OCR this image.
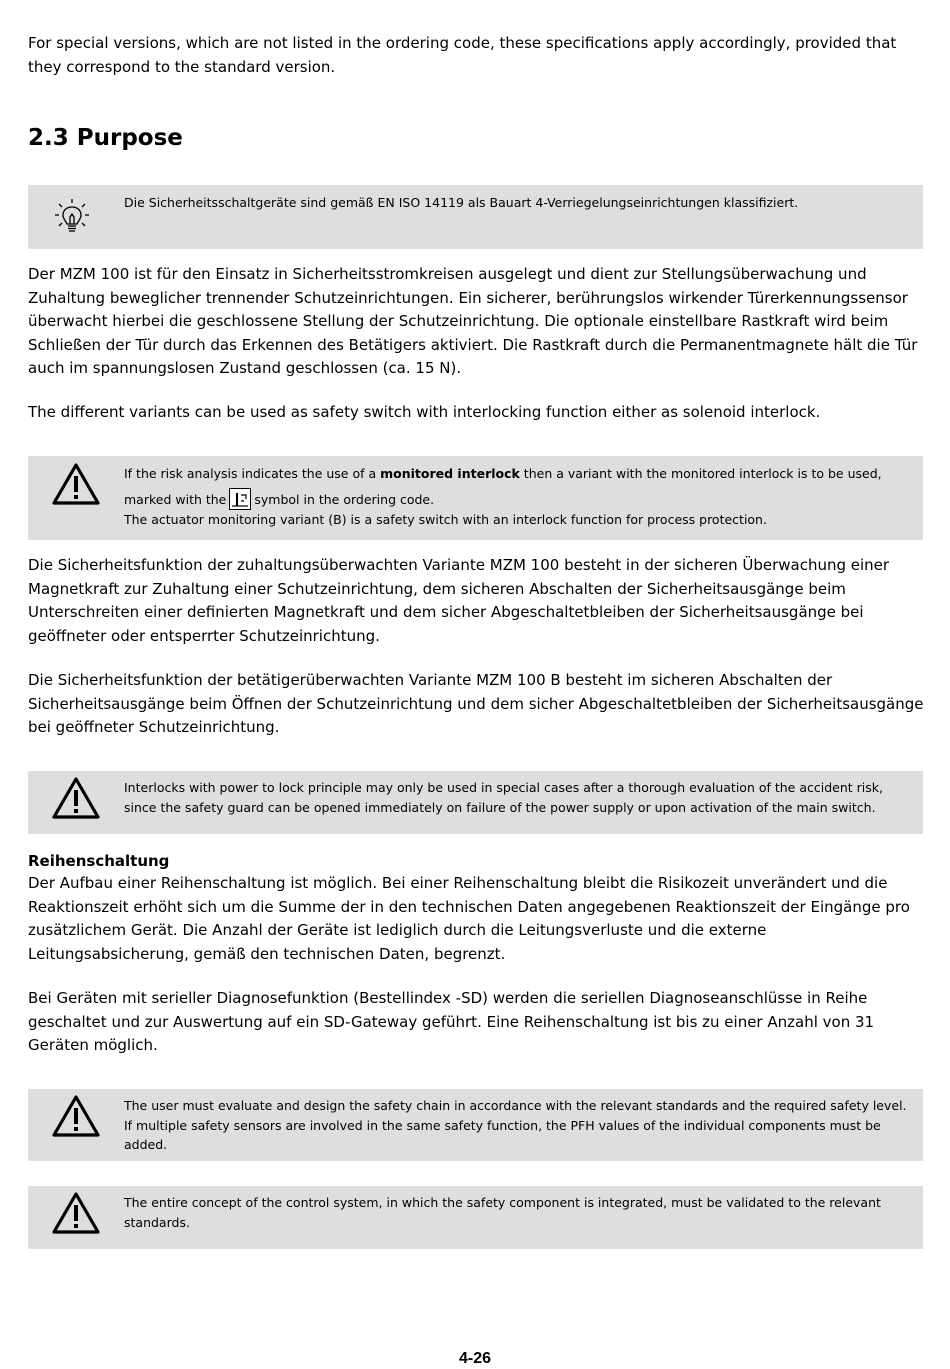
For special versions, which are not listed in the ordering code, these specifications apply accordingly, provided that they correspond to the standard version.

2.3 Purpose
Die Sicherheitsschaltgeräte sind gemäß EN ISO 14119 als Bauart 4-Verriegelungseinrichtungen klassifiziert.

Der MZM 100 ist für den Einsatz in Sicherheitsstromkreisen ausgelegt und dient zur Stellungsüberwachung und Zuhaltung beweglicher trennender Schutzeinrichtungen. Ein sicherer, berührungslos wirkender Türerkennungssensor überwacht hierbei die geschlossene Stellung der Schutzeinrichtung. Die optionale einstellbare Rastkraft wird beim Schließen der Tür durch das Erkennen des Betätigers aktiviert. Die Rastkraft durch die Permanentmagnete hält die Tür auch im spannungslosen Zustand geschlossen (ca. 15 N).

The different variants can be used as safety switch with interlocking function either as solenoid interlock.

If the risk analysis indicates the use of a monitored interlock then a variant with the monitored interlock is to be used,
marked with the symbol in the ordering code.
The actuator monitoring variant (B) is a safety switch with an interlock function for process protection.

Die Sicherheitsfunktion der zuhaltungsüberwachten Variante MZM 100 besteht in der sicheren Überwachung einer Magnetkraft zur Zuhaltung einer Schutzeinrichtung, dem sicheren Abschalten der Sicherheitsausgänge beim Unterschreiten einer definierten Magnetkraft und dem sicher Abgeschaltetbleiben der Sicherheitsausgänge bei geöffneter oder entsperrter Schutzeinrichtung.

Die Sicherheitsfunktion der betätigerüberwachten Variante MZM 100 B besteht im sicheren Abschalten der Sicherheitsausgänge beim Öffnen der Schutzeinrichtung und dem sicher Abgeschaltetbleiben der Sicherheitsausgänge bei geöffneter Schutzeinrichtung.

Interlocks with power to lock principle may only be used in special cases after a thorough evaluation of the accident risk, since the safety guard can be opened immediately on failure of the power supply or upon activation of the main switch.
Reihenschaltung

Der Aufbau einer Reihenschaltung ist möglich. Bei einer Reihenschaltung bleibt die Risikozeit unverändert und die Reaktionszeit erhöht sich um die Summe der in den technischen Daten angegebenen Reaktionszeit der Eingänge pro zusätzlichem Gerät. Die Anzahl der Geräte ist lediglich durch die Leitungsverluste und die externe Leitungsabsicherung, gemäß den technischen Daten, begrenzt.

Bei Geräten mit serieller Diagnosefunktion (Bestellindex -SD) werden die seriellen Diagnoseanschlüsse in Reihe geschaltet und zur Auswertung auf ein SD-Gateway geführt. Eine Reihenschaltung ist bis zu einer Anzahl von 31 Geräten möglich.

The user must evaluate and design the safety chain in accordance with the relevant standards and the required safety level. If multiple safety sensors are involved in the same safety function, the PFH values of the individual components must be added.
The entire concept of the control system, in which the safety component is integrated, must be validated to the relevant standards.
4-26
